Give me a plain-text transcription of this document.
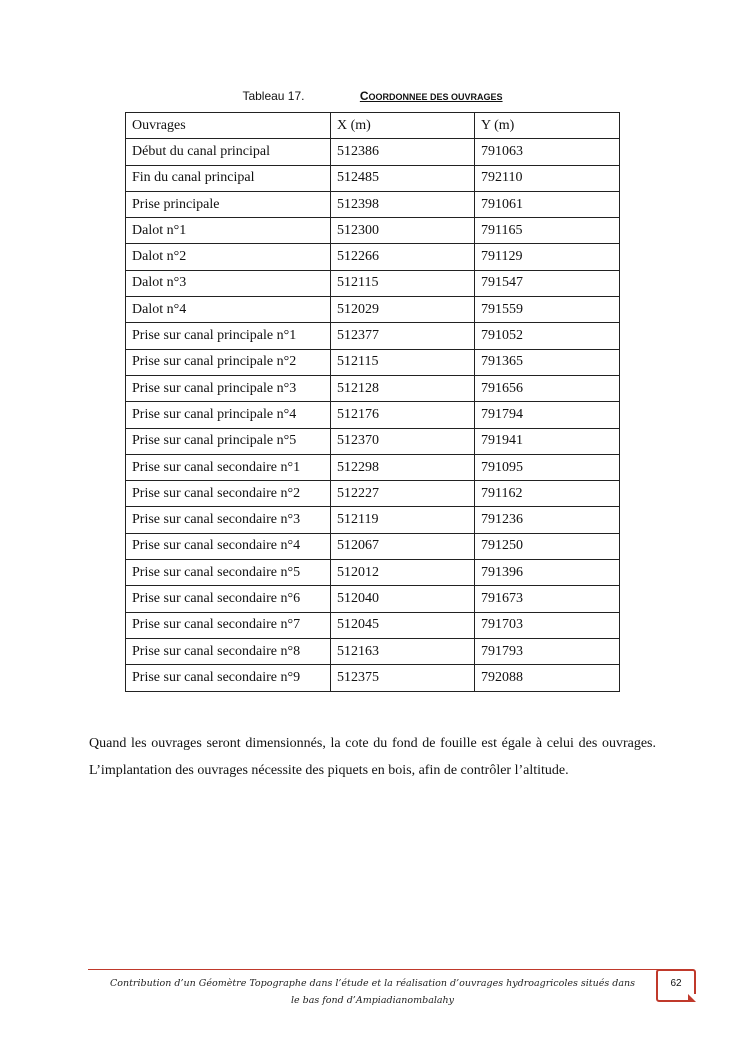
Tableau 17.	COORDONNEE DES OUVRAGES
Ouvrages	X (m)	Y (m)
Début du canal principal	512386	791063
Fin du canal principal	512485	792110
Prise principale	512398	791061
Dalot n°1	512300	791165
Dalot n°2	512266	791129
Dalot n°3	512115	791547
Dalot n°4	512029	791559
Prise sur canal principale n°1	512377	791052
Prise sur canal principale n°2	512115	791365
Prise sur canal principale n°3	512128	791656
Prise sur canal principale n°4	512176	791794
Prise sur canal principale n°5	512370	791941
Prise sur canal secondaire n°1	512298	791095
Prise sur canal secondaire n°2	512227	791162
Prise sur canal secondaire n°3	512119	791236
Prise sur canal secondaire n°4	512067	791250
Prise sur canal secondaire n°5	512012	791396
Prise sur canal secondaire n°6	512040	791673
Prise sur canal secondaire n°7	512045	791703
Prise sur canal secondaire n°8	512163	791793
Prise sur canal secondaire n°9	512375	792088

Quand les ouvrages seront dimensionnés, la cote du fond de fouille est égale à celui des ouvrages. L’implantation des ouvrages nécessite des piquets en bois, afin de contrôler l’altitude.

Contribution d’un Géomètre Topographe dans l’étude et la réalisation d’ouvrages hydroagricoles situés dans le bas fond d’Ampiadianombalahy
62
